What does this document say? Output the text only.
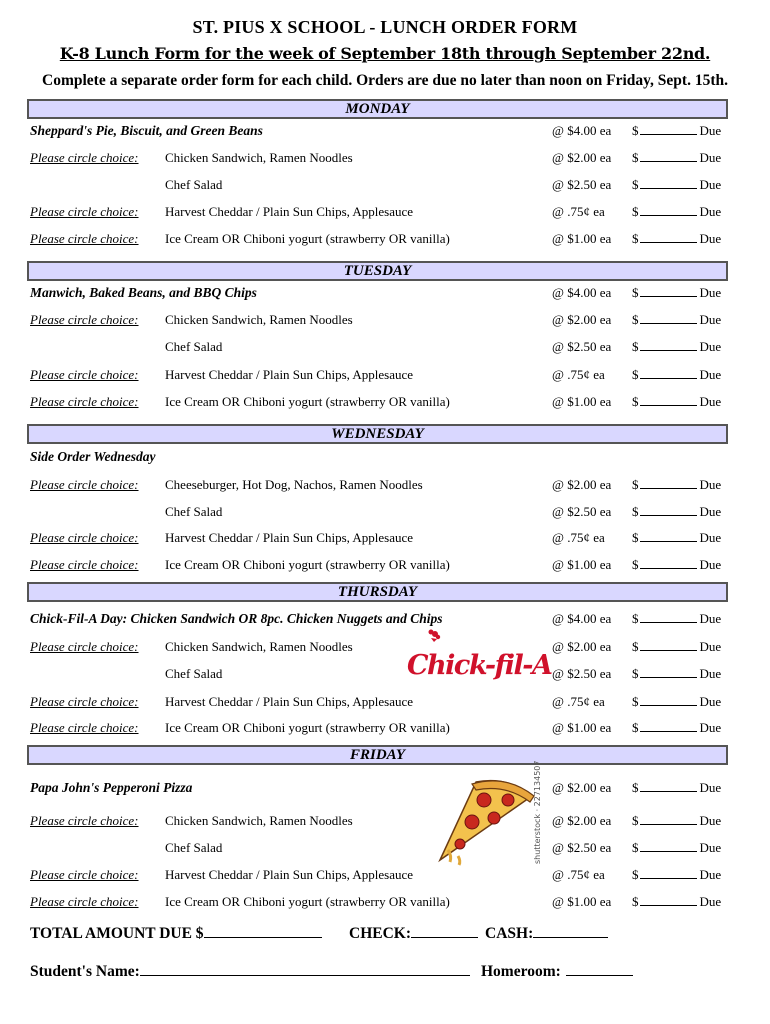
ST. PIUS X SCHOOL - LUNCH ORDER FORM
K-8 Lunch Form for the week of September 18th through September 22nd.
Complete a separate order form for each child. Orders are due no later than noon on Friday, Sept. 15th.
MONDAY
Sheppard's Pie, Biscuit, and Green Beans	@ $4.00 ea $	Due
Please circle choice: Chicken Sandwich, Ramen Noodles	@ $2.00 ea $	Due
Chef Salad	@ $2.50 ea $	Due
Please circle choice: Harvest Cheddar / Plain Sun Chips, Applesauce	@ .75¢ ea $	Due
Please circle choice: Ice Cream OR Chiboni yogurt (strawberry OR vanilla)	@ $1.00 ea $	Due
TUESDAY
Manwich, Baked Beans, and BBQ Chips	@ $4.00 ea $	Due
Please circle choice: Chicken Sandwich, Ramen Noodles	@ $2.00 ea $	Due
Chef Salad	@ $2.50 ea $	Due
Please circle choice: Harvest Cheddar / Plain Sun Chips, Applesauce	@ .75¢ ea $	Due
Please circle choice: Ice Cream OR Chiboni yogurt (strawberry OR vanilla)	@ $1.00 ea $	Due
WEDNESDAY
Side Order Wednesday
Please circle choice: Cheeseburger, Hot Dog, Nachos, Ramen Noodles	@ $2.00 ea $	Due
Chef Salad	@ $2.50 ea $	Due
Please circle choice: Harvest Cheddar / Plain Sun Chips, Applesauce	@ .75¢ ea $	Due
Please circle choice: Ice Cream OR Chiboni yogurt (strawberry OR vanilla)	@ $1.00 ea $	Due
THURSDAY
Chick-Fil-A Day: Chicken Sandwich OR 8pc. Chicken Nuggets and Chips	@ $4.00 ea $	Due
Please circle choice: Chicken Sandwich, Ramen Noodles	@ $2.00 ea $	Due
Chef Salad	@ $2.50 ea $	Due
Please circle choice: Harvest Cheddar / Plain Sun Chips, Applesauce	@ .75¢ ea $	Due
Please circle choice: Ice Cream OR Chiboni yogurt (strawberry OR vanilla)	@ $1.00 ea $	Due
Chick-fil-A
FRIDAY
Papa John's Pepperoni Pizza	@ $2.00 ea $	Due
Please circle choice: Chicken Sandwich, Ramen Noodles	@ $2.00 ea $	Due
Chef Salad	@ $2.50 ea $	Due
Please circle choice: Harvest Cheddar / Plain Sun Chips, Applesauce	@ .75¢ ea $	Due
Please circle choice: Ice Cream OR Chiboni yogurt (strawberry OR vanilla)	@ $1.00 ea $	Due
shutterstock · 227134507
TOTAL AMOUNT DUE $	CHECK:	CASH:
Student's Name:	Homeroom:
